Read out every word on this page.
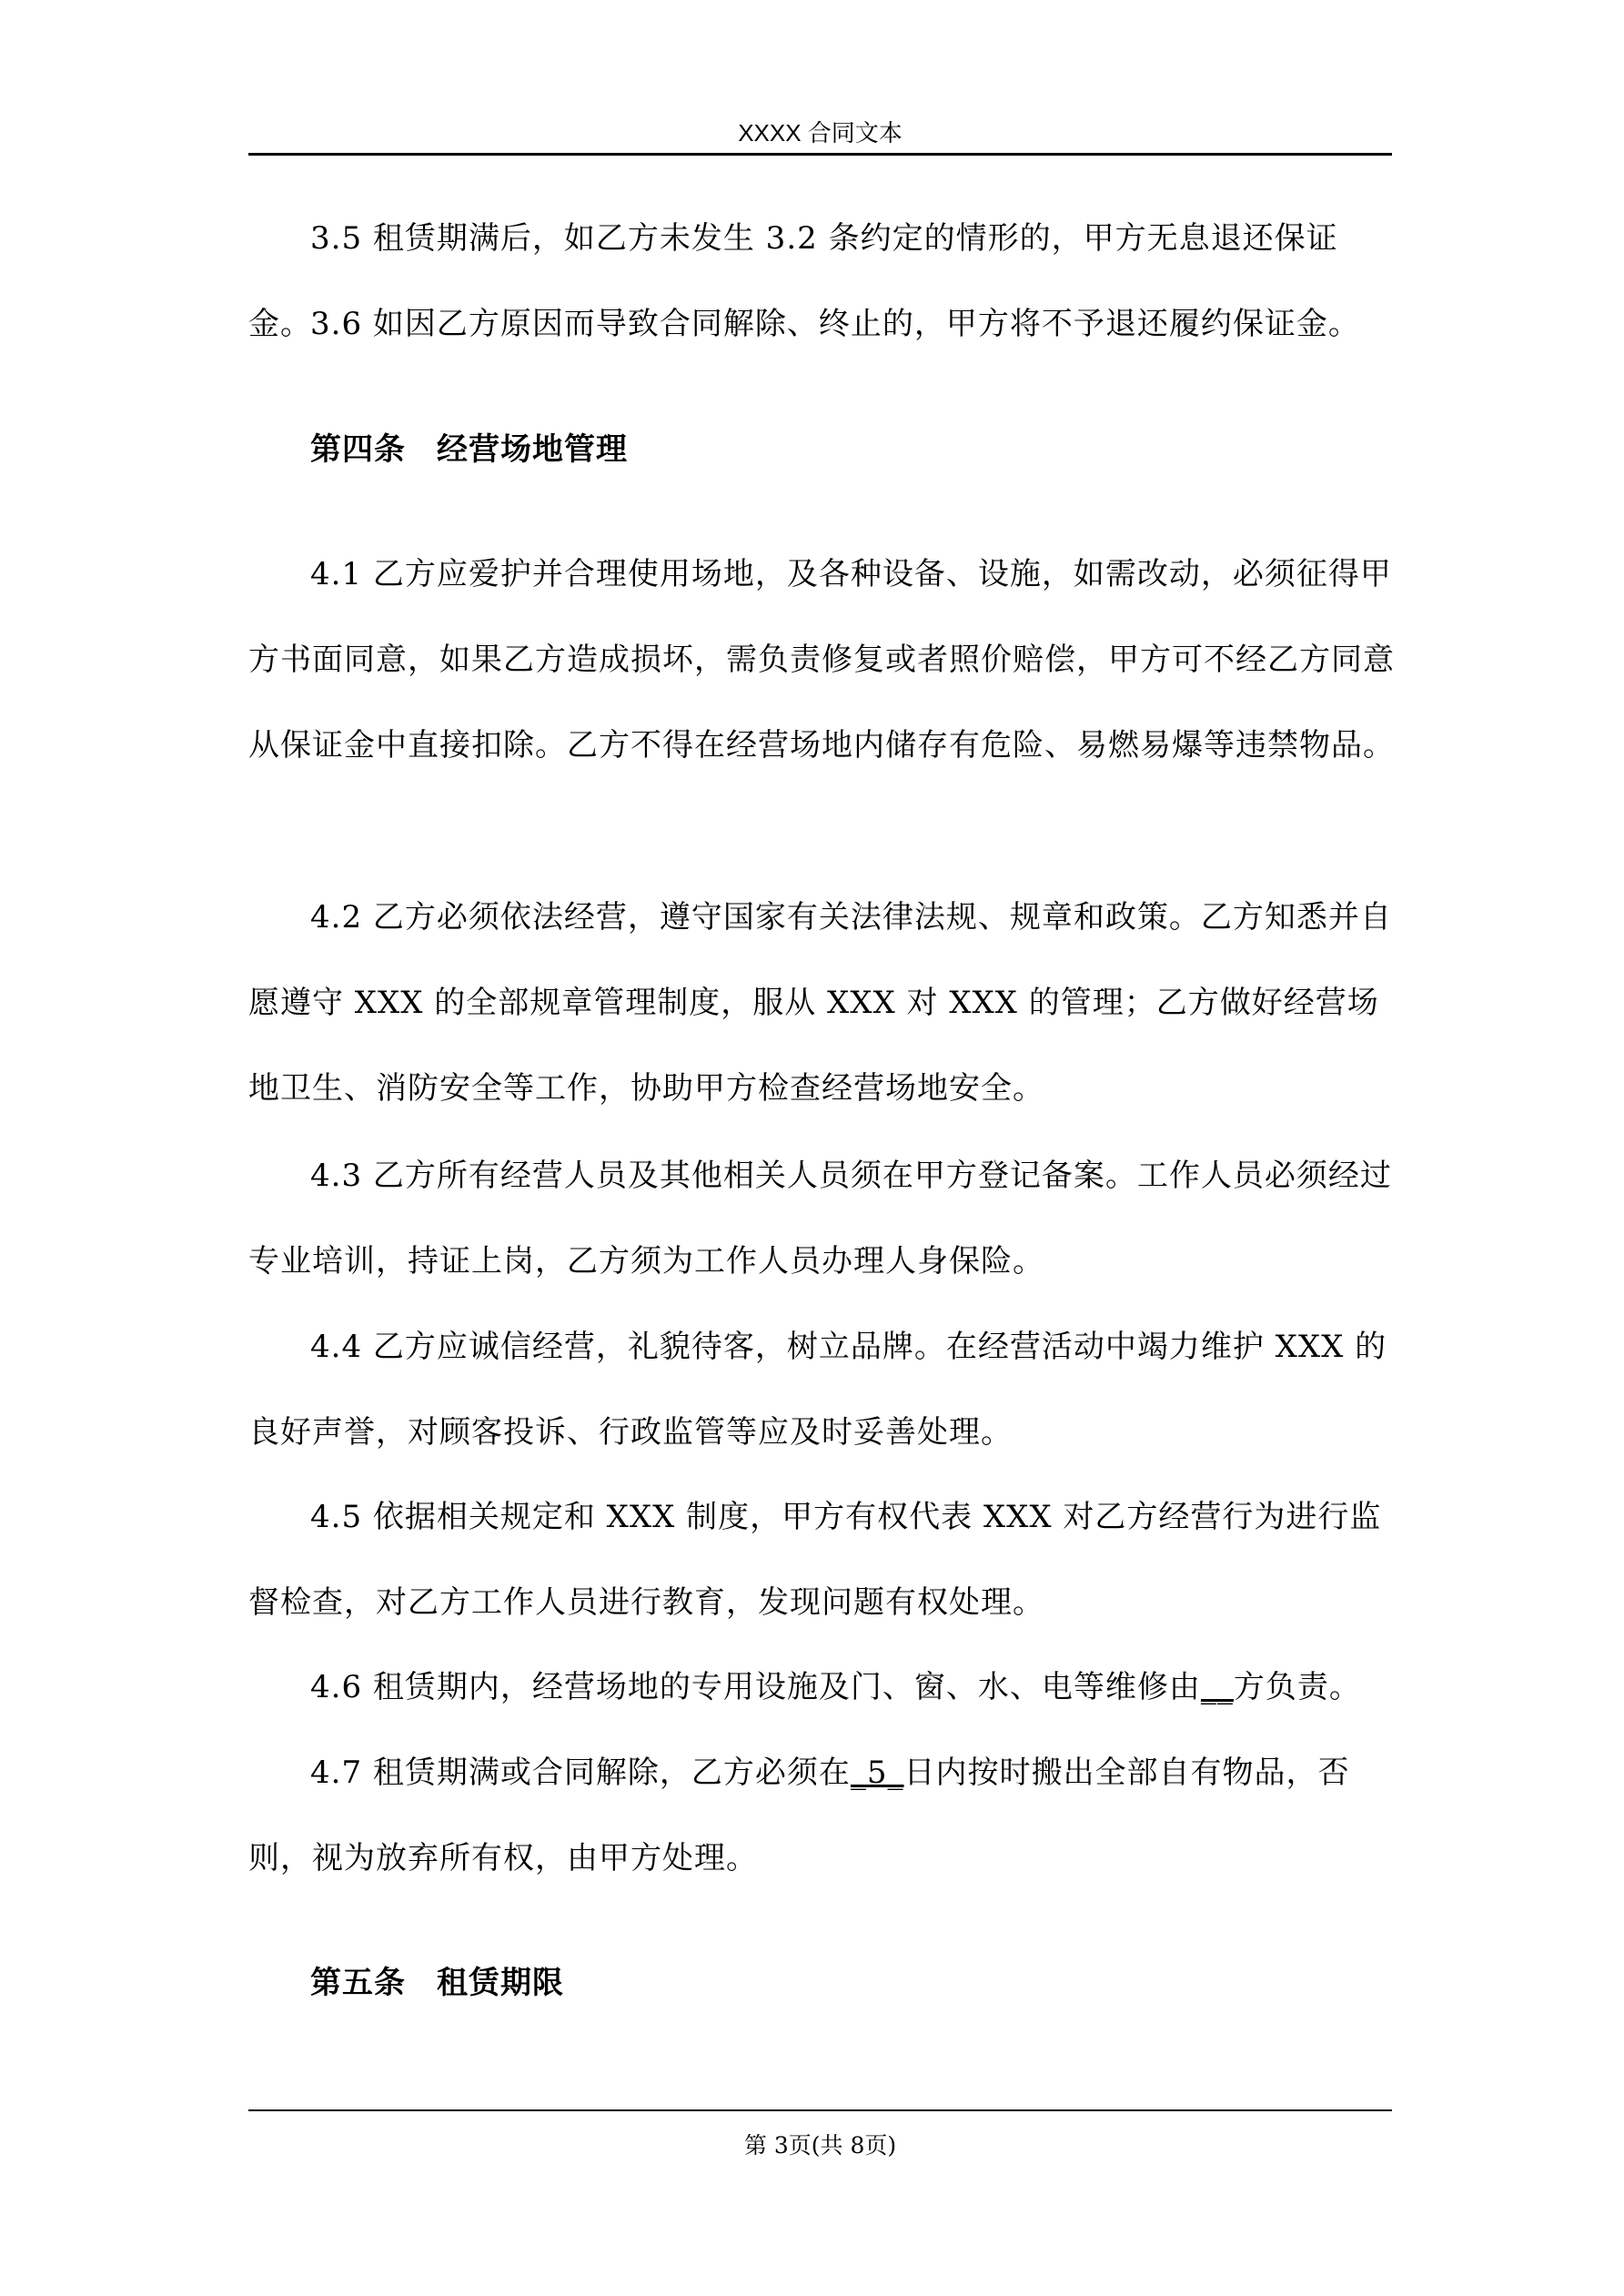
XXXX 合同文本

3.5 租赁期满后，如乙方未发生 3.2 条约定的情形的，甲方无息退还保证金。

3.6 如因乙方原因而导致合同解除、终止的，甲方将不予退还履约保证金。

第四条 经营场地管理

4.1 乙方应爱护并合理使用场地，及各种设备、设施，如需改动，必须征得甲方书面同意，如果乙方造成损坏，需负责修复或者照价赔偿，甲方可不经乙方同意从保证金中直接扣除。乙方不得在经营场地内储存有危险、易燃易爆等违禁物品。

4.2 乙方必须依法经营，遵守国家有关法律法规、规章和政策。乙方知悉并自愿遵守 XXX 的全部规章管理制度，服从 XXX 对 XXX 的管理；乙方做好经营场地卫生、消防安全等工作，协助甲方检查经营场地安全。

4.3 乙方所有经营人员及其他相关人员须在甲方登记备案。工作人员必须经过专业培训，持证上岗，乙方须为工作人员办理人身保险。

4.4 乙方应诚信经营，礼貌待客，树立品牌。在经营活动中竭力维护 XXX 的良好声誉，对顾客投诉、行政监管等应及时妥善处理。

4.5 依据相关规定和 XXX 制度，甲方有权代表 XXX 对乙方经营行为进行监督检查，对乙方工作人员进行教育，发现问题有权处理。

4.6 租赁期内，经营场地的专用设施及门、窗、水、电等维修由__方负责。

4.7 租赁期满或合同解除，乙方必须在_5_日内按时搬出全部自有物品，否则，视为放弃所有权，由甲方处理。

第五条 租赁期限
第 3页(共 8页)
